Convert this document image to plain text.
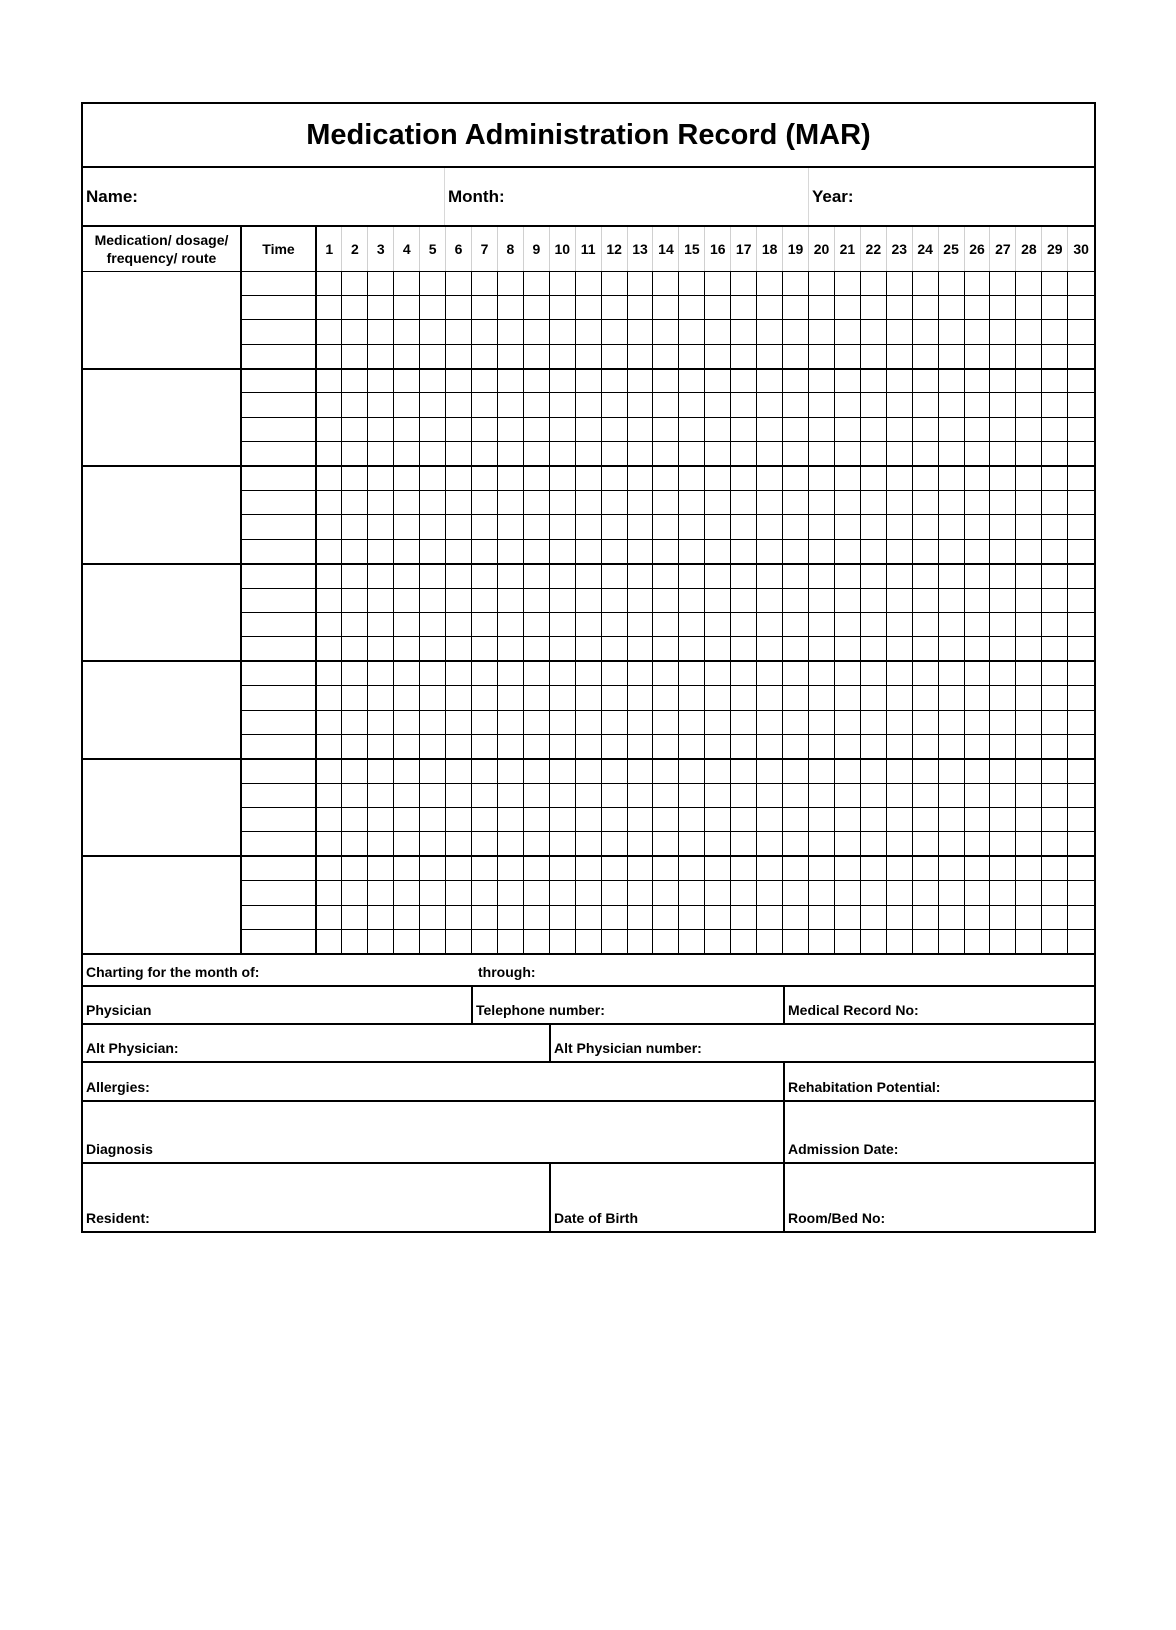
Medication Administration Record (MAR)
Name:	Month:	Year:
Medication/ dosage/
frequency/ route	Time	1	2	3	4	5	6	7	8	9	10	11	12	13	14	15	16	17	18	19	20	21	22	23	24	25	26	27	28	29	30

Charting for the month of:	through:
Physician	Telephone number:	Medical Record No:
Alt Physician:	Alt Physician number:
Allergies:	Rehabitation Potential:
Diagnosis	Admission Date:
Resident:	Date of Birth	Room/Bed No:
